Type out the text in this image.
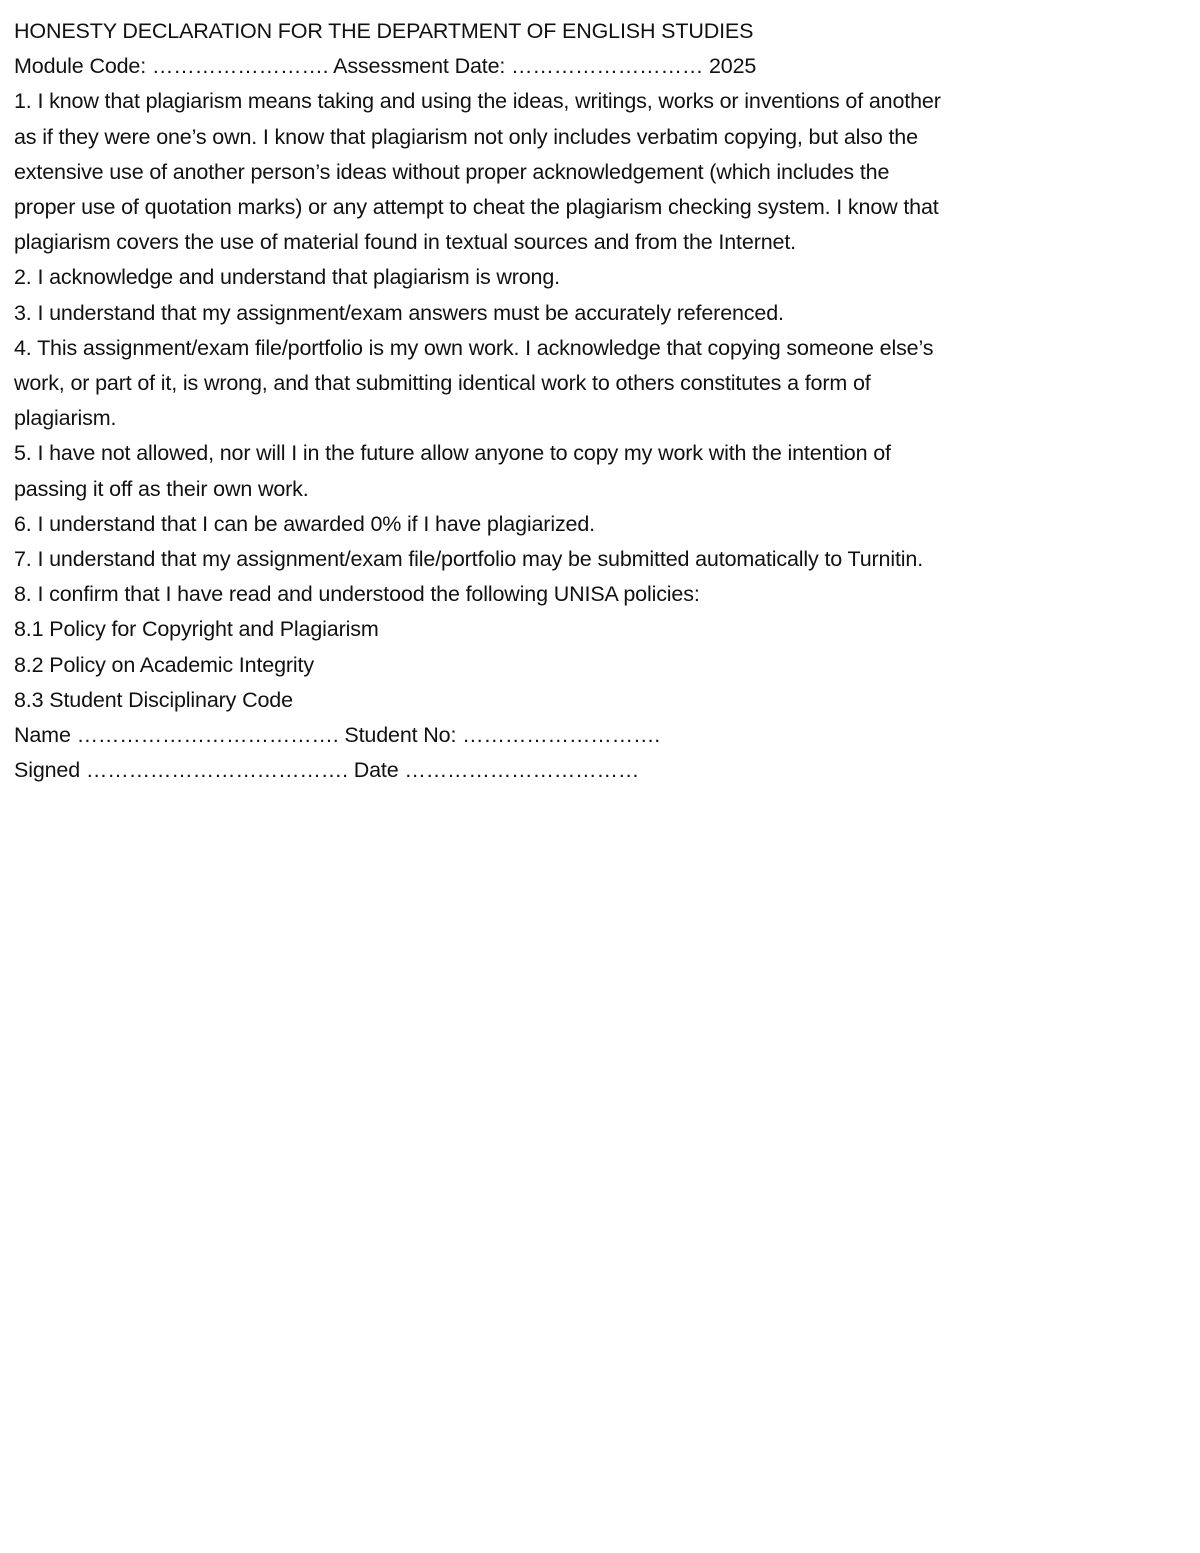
HONESTY DECLARATION FOR THE DEPARTMENT OF ENGLISH STUDIES

Module Code: ……………………. Assessment Date: ……………………… 2025

1. I know that plagiarism means taking and using the ideas, writings, works or inventions of another as if they were one’s own. I know that plagiarism not only includes verbatim copying, but also the extensive use of another person’s ideas without proper acknowledgement (which includes the proper use of quotation marks) or any attempt to cheat the plagiarism checking system. I know that plagiarism covers the use of material found in textual sources and from the Internet.

2. I acknowledge and understand that plagiarism is wrong.

3. I understand that my assignment/exam answers must be accurately referenced.

4. This assignment/exam file/portfolio is my own work. I acknowledge that copying someone else’s work, or part of it, is wrong, and that submitting identical work to others constitutes a form of plagiarism.

5. I have not allowed, nor will I in the future allow anyone to copy my work with the intention of passing it off as their own work.

6. I understand that I can be awarded 0% if I have plagiarized.

7. I understand that my assignment/exam file/portfolio may be submitted automatically to Turnitin.

8. I confirm that I have read and understood the following UNISA policies:

8.1 Policy for Copyright and Plagiarism

8.2 Policy on Academic Integrity

8.3 Student Disciplinary Code

Name ………………………………. Student No: ……………………….

Signed ………………………………. Date ……………………………
